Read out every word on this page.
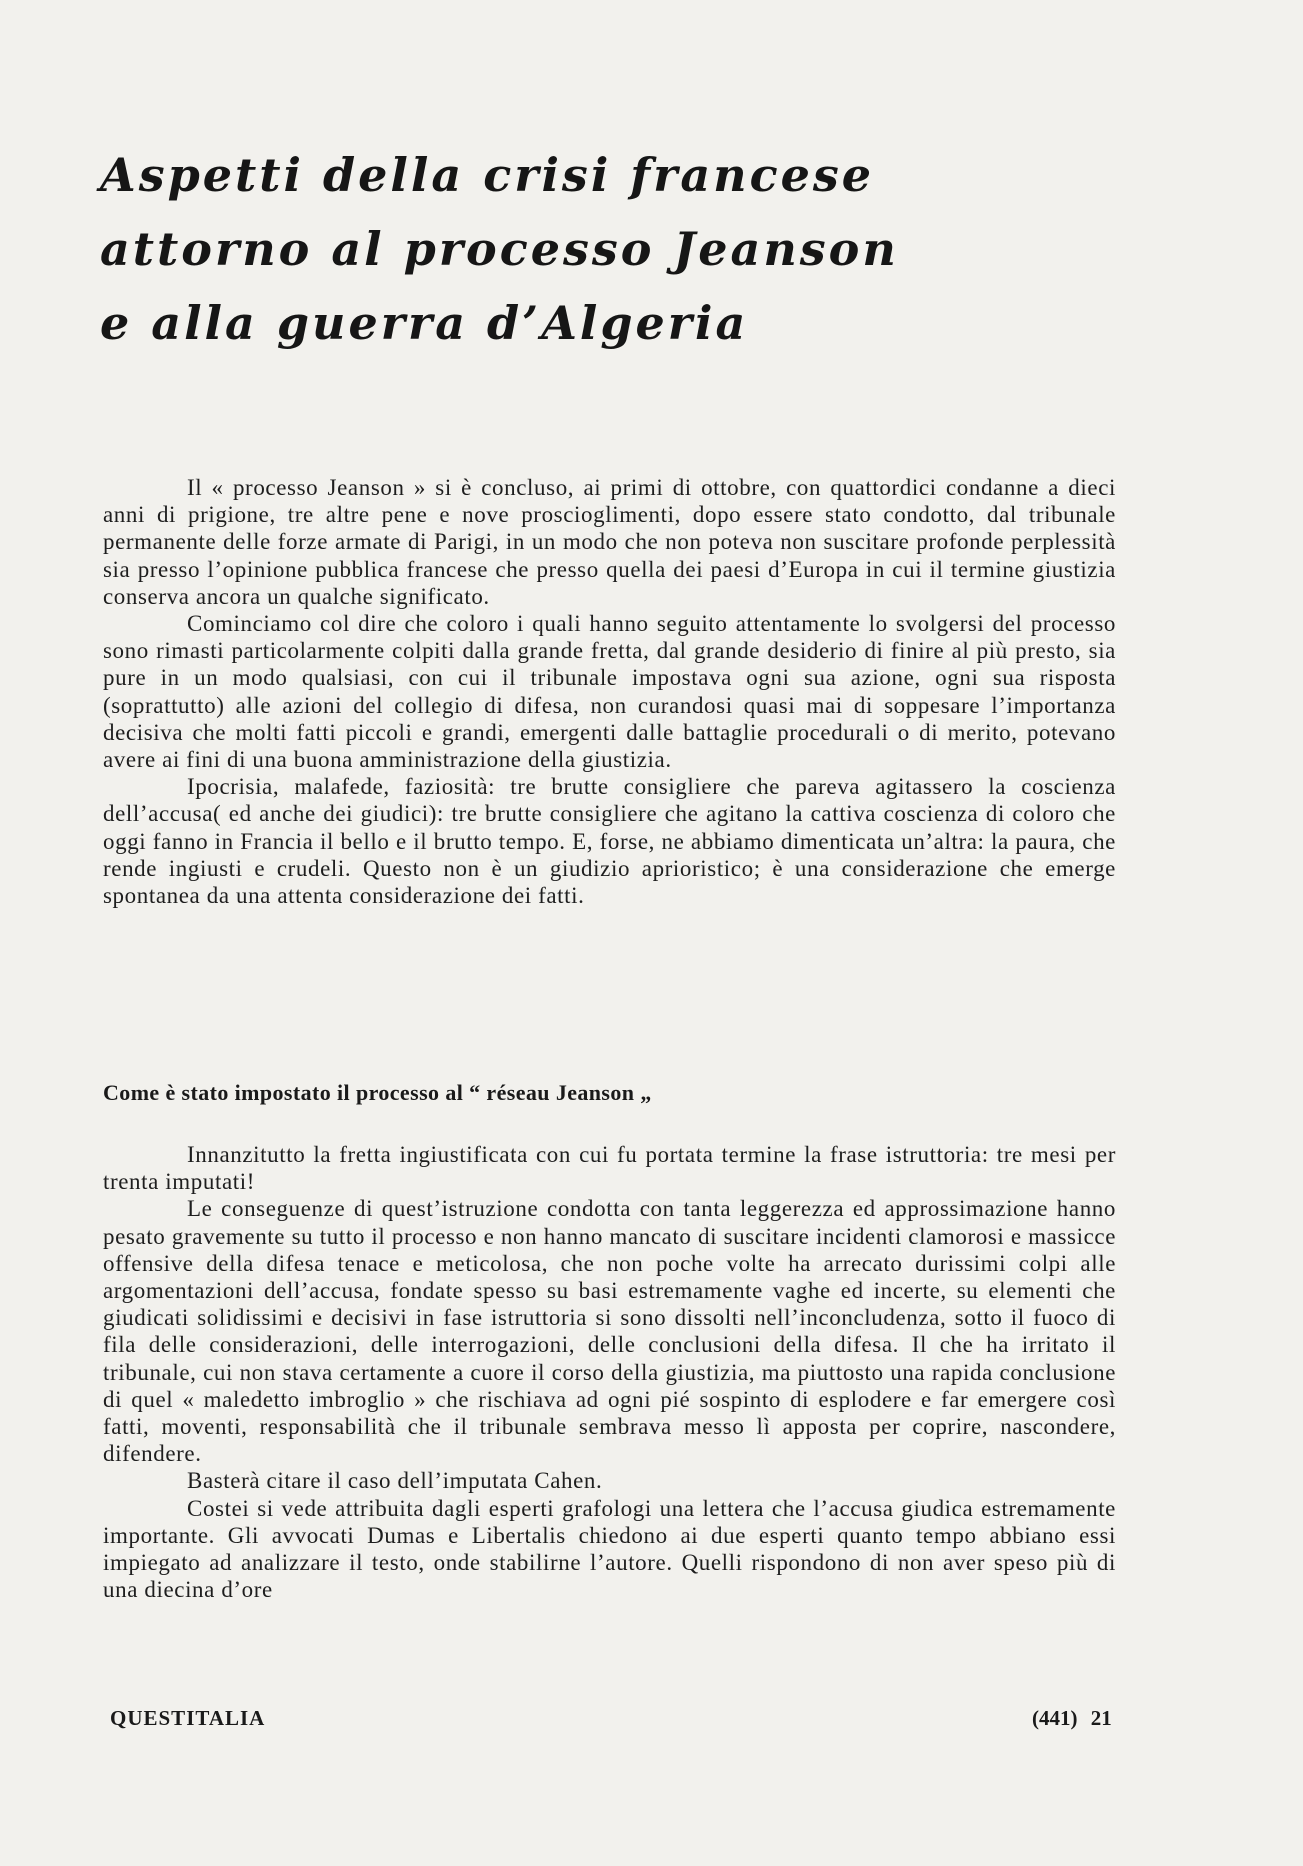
Aspetti della crisi francese
attorno al processo Jeanson
e alla guerra d’Algeria

Il « processo Jeanson » si è concluso, ai primi di ottobre, con quattordici condanne a dieci anni di prigione, tre altre pene e nove proscioglimenti, dopo essere stato condotto, dal tribunale permanente delle forze armate di Parigi, in un modo che non poteva non suscitare profonde perplessità sia presso l’opinione pubblica francese che presso quella dei paesi d’Europa in cui il termine giustizia conserva ancora un qualche significato.

Cominciamo col dire che coloro i quali hanno seguito attentamente lo svolgersi del processo sono rimasti particolarmente colpiti dalla grande fretta, dal grande desiderio di finire al più presto, sia pure in un modo qualsiasi, con cui il tribunale impostava ogni sua azione, ogni sua risposta (soprattutto) alle azioni del collegio di difesa, non curandosi quasi mai di soppesare l’importanza decisiva che molti fatti piccoli e grandi, emergenti dalle battaglie procedurali o di merito, potevano avere ai fini di una buona amministrazione della giustizia.

Ipocrisia, malafede, faziosità: tre brutte consigliere che pareva agitassero la coscienza dell’accusa( ed anche dei giudici): tre brutte consigliere che agitano la cattiva coscienza di coloro che oggi fanno in Francia il bello e il brutto tempo. E, forse, ne abbiamo dimenticata un’altra: la paura, che rende ingiusti e crudeli. Questo non è un giudizio aprioristico; è una considerazione che emerge spontanea da una attenta considerazione dei fatti.

Come è stato impostato il processo al “ réseau Jeanson „

Innanzitutto la fretta ingiustificata con cui fu portata termine la frase istruttoria: tre mesi per trenta imputati!

Le conseguenze di quest’istruzione condotta con tanta leggerezza ed approssimazione hanno pesato gravemente su tutto il processo e non hanno mancato di suscitare incidenti clamorosi e massicce offensive della difesa tenace e meticolosa, che non poche volte ha arrecato durissimi colpi alle argomentazioni dell’accusa, fondate spesso su basi estremamente vaghe ed incerte, su elementi che giudicati solidissimi e decisivi in fase istruttoria si sono dissolti nell’inconcludenza, sotto il fuoco di fila delle considerazioni, delle interrogazioni, delle conclusioni della difesa. Il che ha irritato il tribunale, cui non stava certamente a cuore il corso della giustizia, ma piuttosto una rapida conclusione di quel « maledetto imbroglio » che rischiava ad ogni pié sospinto di esplodere e far emergere così fatti, moventi, responsabilità che il tribunale sembrava messo lì apposta per coprire, nascondere, difendere.

Basterà citare il caso dell’imputata Cahen.

Costei si vede attribuita dagli esperti grafologi una lettera che l’accusa giudica estremamente importante. Gli avvocati Dumas e Libertalis chiedono ai due esperti quanto tempo abbiano essi impiegato ad analizzare il testo, onde stabilirne l’autore. Quelli rispondono di non aver speso più di una diecina d’ore

QUESTITALIA	(441) 21
